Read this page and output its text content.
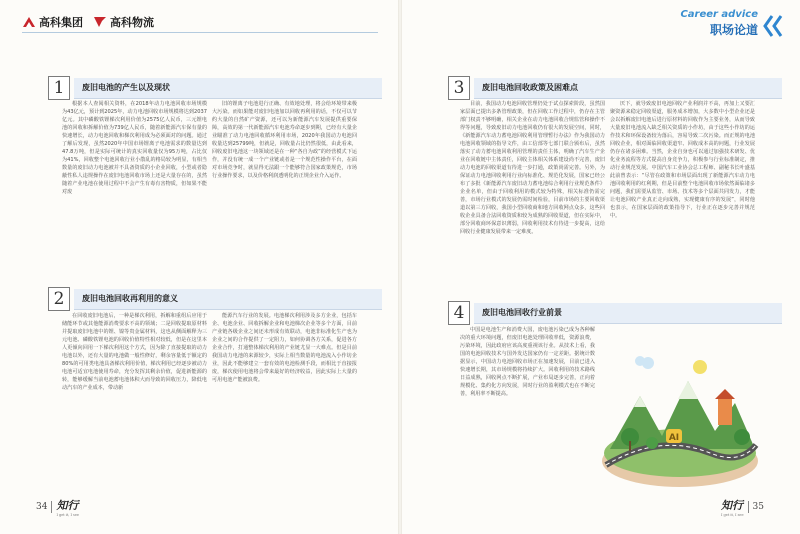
高科集团 高科物流
Career advice
职场论道
1	废旧电池的产生以及现状

根据本人查阅相关资料，在2018年动力电池回收市场规模为43亿元，预计到2025年，动力电池回收市场规模将达到2037亿元。其中磷酸铁锂梯次利用价值为2575亿人民币，三元锂电池的回收和拆解价值为739亿人民币，随着新能源汽车保有量的快速增长，动力电池回收和梯次利用成为必须面对的问题。通过了解后发现，虽然2020年中国市场锂离子电池需求的数量达到47.8万吨，但是实际可统计的真实回收量仅为95万吨，占比仅为41%，回收整个电池回收行业小散乱的格局较为明显，有相当数量的废旧动力电池被并不具备资质的小企业回收，小型或者隐蔽性私人违规操作在废旧电池回收市场上还是大量存在的，虽然随着产业电池在使用过程中不会产生有毒有害物质，但如果不能对废

旧的锂离子电池进行正确、有效地处理，将会给环境带来极大污染。而如果能对废旧电池加以回收再利用的话，不仅可以节约大量的自然矿产资源，还可以为新能源汽车发展提供重要保障，高效的第一代新能源汽车电池寿命逐步到期，已经有大量企业瞄准了动力电池回收循环利用市场，2020年我国动力电池回收量达到25799吨，但就是，回收量占比仍然很低，由此看来，回收废旧电池这一块领域还是在一种“各自为政”的经营模式下运作，并没有统一成一个产业链或者是一个规范性操作平台，在面对市场竞争时，就显得无法跟一个能够符合国家政策规范，市场行业操作要求，以及价格利润透明化的正规企业介入运作。

2	废旧电池回收再利用的意义

在回收废旧电池后，一种是梯次利用，拆解和重组后应用于储能环节或其他能源消费要求不高的领域；二是回收提取原材料并提取废旧电池中的锂、镍等贵金属材料，这也从侧面解释为三元电池、磷酸铁锂电池的回收价值特性相对较低，但是在这里本人更倾向回用一下梯次利用这个方式，因为除了直接提取的动力电池以外，还有大量的电池做一般性修好，剩余容量低于额定的80%的可用类电池具备梯次利用价值，梯次利用已经逐步被动力电池可适宜电池使用寿命，充分发挥其剩余价值，促进新能源的转，能够缓解当前电池蓄电池体积大而导致的回收压力，降低电动汽车的产业成本，带动新

能源汽车行业的发展。电池梯次利用涉及多方企业，包括车企、电池企业、回收拆解企业和电池梯次企业等多个方面，目前产业链各级企业之间还未形成有效联动，电池非标准化生产也为企业之间的合作提供了一定阻力，如何协调各方关系，促进各方企业合作，打通整体梯次利用的产业链尤显一大难点。但是目前我国动力电池的来源较少，实际上相当数量的电池流入小作坊企业，因此不能够建立一套有效的电池检测手段，而相比于直接报废，梯次使用电池将会带来最好的经济收益，因此实际上大量的可用电池产能被浪费。

3	废旧电池回收政策及困难点

目前，我国动力电池回收管理仍处于试点探索阶段，虽然国家层面已提出多条管理政策，但在回收工作过程中，仍存在主管部门权责不够明确，相关企业在动力电池回收合规监管和操作不得等问题，导致废旧动力电池回收仍有很大的发展空间，同时，《新能源汽车动力蓄电池回收利用管理暂行办法》作为我国动力电池回收领域的指导文件，由工信部等七部门联合颁布后，虽然落实了动力蓄电池回收利用管理的责任主体，明确了汽车生产企业在回收链中主体责任，回收主体相关体系建设尚不完善，废旧动力电池的回收渠道有待进一步打通，政策尚需完善。另外，为保证动力电池回收利用行业向标准化、规范化发展，国家已经公布了多批《新能源汽车废旧动力蓄电池综合利用行业规范条件》企业名单，但由于回收利用的模式较为特殊，相关标准仍需完善，市场行业模式的发展仍需时间检验，目前市场的主要回收渠道以第三方回收，我国小型回收商和地方回收网点众多，这些回收企业具备合法回收资质和较为成熟的回收渠道，但在实际中，部分回收商环保意识薄弱，回收利用技术有待进一步提高，这给回收行业健康发展带来一定难度。

厌下，就导致废旧电池回收产业利润并不高，再加上又要汇聚资源来稳定回收渠道，服务成本增加，大多数中小型企业还是会以拆解废旧电池后进行原材料的回收作为主要业务，从而导致大量废旧电池流入缺乏相关资质的小作坊，由于这些小作坊的运作技术和环保设备较为落后，容易导致二次污染。而正规的电池回收企业，相对面临回收渠道窄、回收成本高的问题，行业发展仍存在诸多困难。当然，企业自身也可以通过加强技术研发、优化业务流程等方式提高自身竞争力，积极参与行业标准制定，推动行业规范发展。中国汽车工业协会总工程师、副秘书长叶盛基此前曾表示：“尽管在政策和市场层面出现了新能源汽车动力电池回收利用的红利期，但是目前整个电池回收市场依然面临诸多问题，我们需要从监管、市场、技术等多个层面共同发力，才能让电池回收产业真正走向成熟，实现健康有序的发展”，同时他也表示，在国家层面的政策指导下，行业正在逐步完善并规范中。

4	废旧电池回收行业前景

中国是电池生产和消费大国，废电池污染已成为各种解决的重大环境问题，但废旧电池处理回收率低，资源浪费，污染环境，因此政府应该高度重视该行业。从技术上看，我国的电池回收技术与国外发达国家仍有一定差距。据统计数据显示，中国动力电池回收市场正在加速发展，目前已进入快速增长期，其市场规模将持续扩大。回收利用的技术路线日益成熟，回收网点不断扩展，产业布局逐步完善，正向着规模化、集约化方向发展，同时行业的盈利模式也在不断完善，利用率不断提高。

AI
34 知行
I get it, I see
知行
I get it, I see
35
